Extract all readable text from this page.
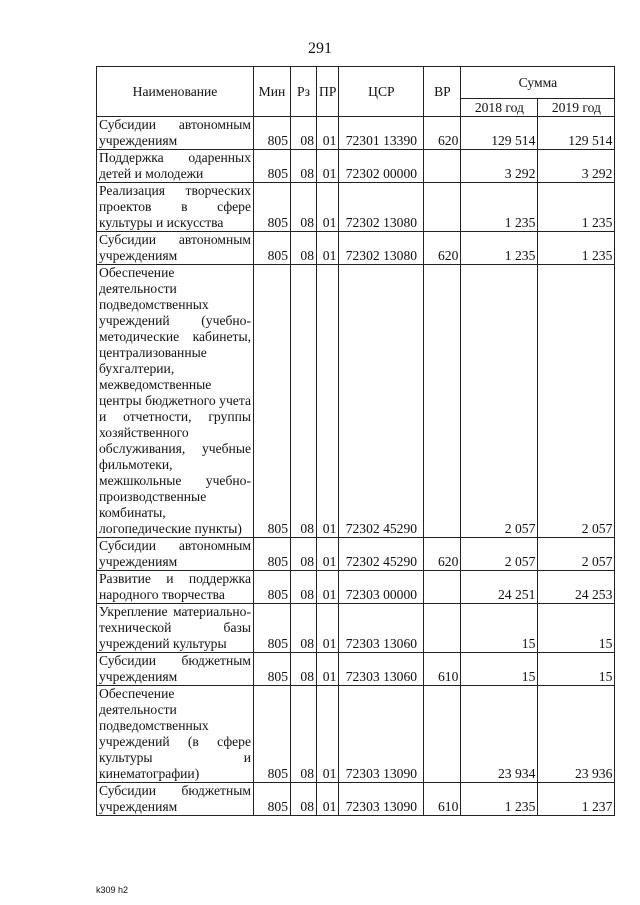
291
Наименование	Мин	Рз	ПР	ЦСР	ВР	Сумма	
						2018 год	2019 год
Субсидии автономным учреждениям	805	08	01	72301 13390	620	129 514	129 514
Поддержка одаренных детей и молодежи	805	08	01	72302 00000		3 292	3 292
Реализация творческих проектов в сфере культуры и искусства	805	08	01	72302 13080		1 235	1 235
Субсидии автономным учреждениям	805	08	01	72302 13080	620	1 235	1 235
Обеспечение деятельности подведомственных учреждений (учебно-методические кабинеты, централизованные бухгалтерии, межведомственные центры бюджетного учета и отчетности, группы хозяйственного обслуживания, учебные фильмотеки, межшкольные учебно-производственные комбинаты, логопедические пункты)	805	08	01	72302 45290		2 057	2 057
Субсидии автономным учреждениям	805	08	01	72302 45290	620	2 057	2 057
Развитие и поддержка народного творчества	805	08	01	72303 00000		24 251	24 253
Укрепление материально-технической базы учреждений культуры	805	08	01	72303 13060		15	15
Субсидии бюджетным учреждениям	805	08	01	72303 13060	610	15	15
Обеспечение деятельности подведомственных учреждений (в сфере культуры и кинематографии)	805	08	01	72303 13090		23 934	23 936
Субсидии бюджетным учреждениям	805	08	01	72303 13090	610	1 235	1 237
k309 h2
